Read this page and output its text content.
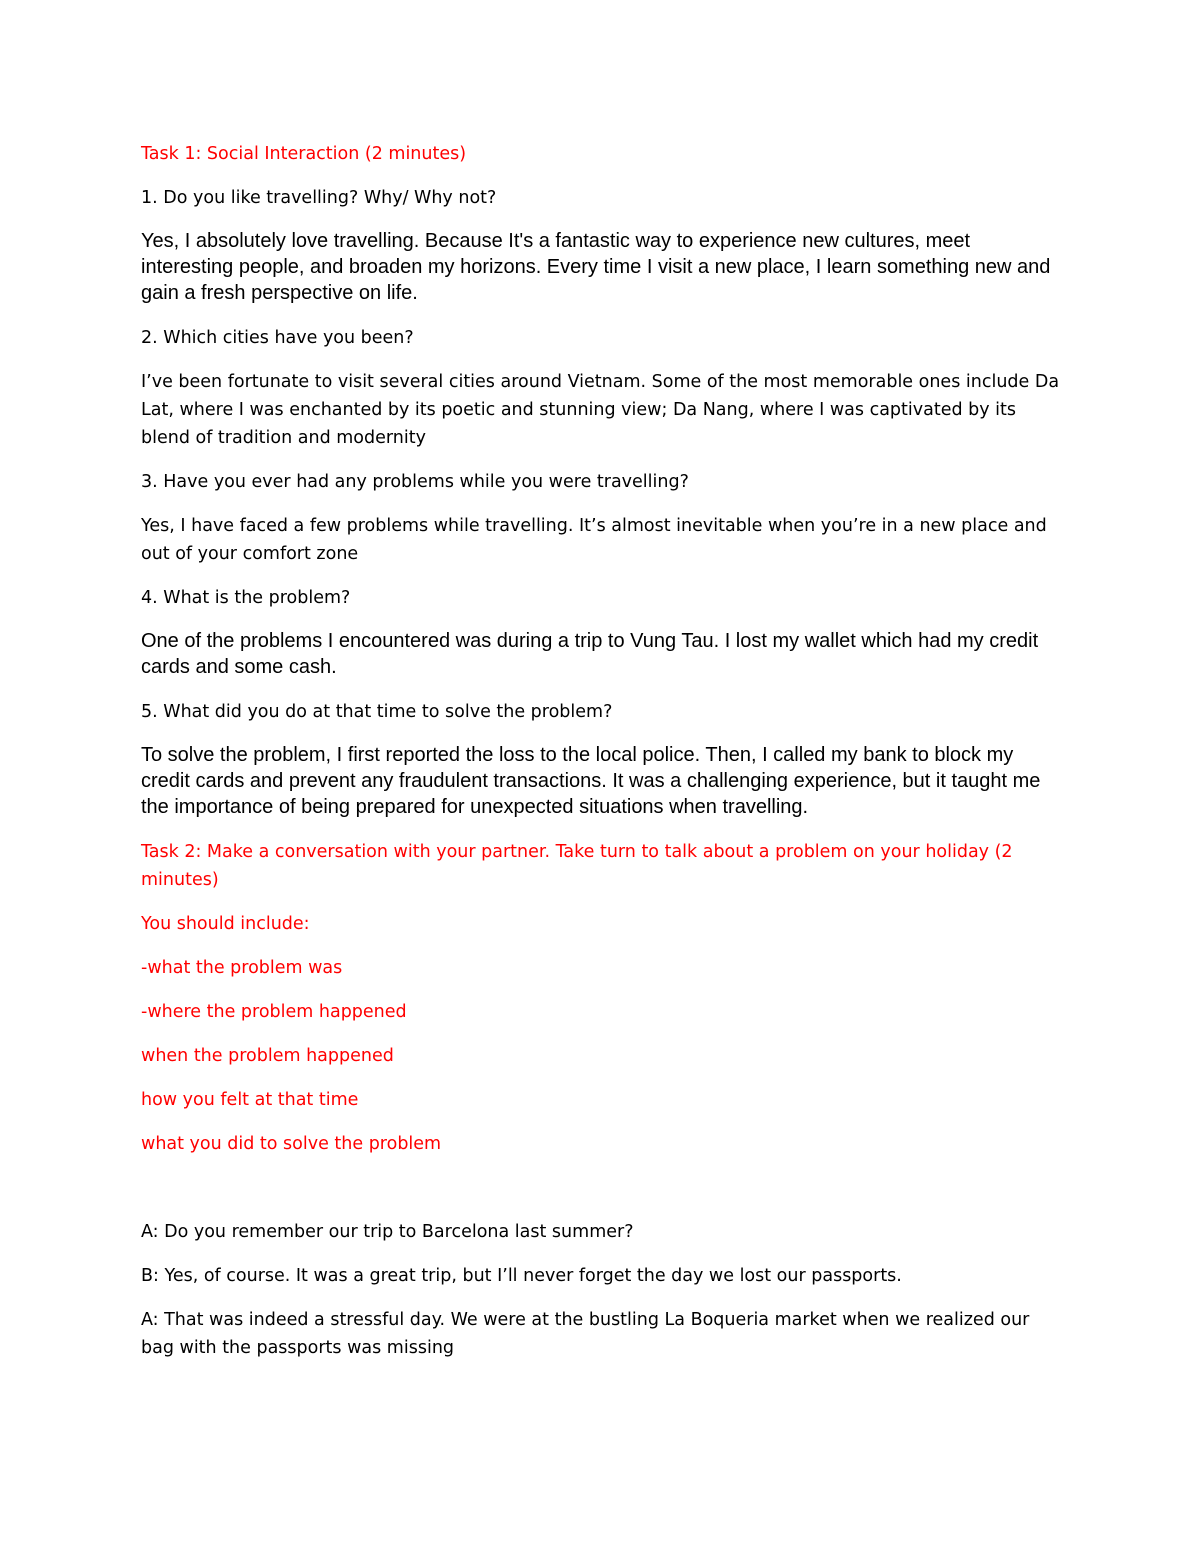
Task 1: Social Interaction (2 minutes)

1. Do you like travelling? Why/ Why not?

Yes, I absolutely love travelling. Because It's a fantastic way to experience new cultures, meet interesting people, and broaden my horizons. Every time I visit a new place, I learn something new and gain a fresh perspective on life.

2. Which cities have you been?

I’ve been fortunate to visit several cities around Vietnam. Some of the most memorable ones include Da Lat, where I was enchanted by its poetic and stunning view; Da Nang, where I was captivated by its blend of tradition and modernity

3. Have you ever had any problems while you were travelling?

Yes, I have faced a few problems while travelling. It’s almost inevitable when you’re in a new place and out of your comfort zone

4. What is the problem?

One of the problems I encountered was during a trip to Vung Tau. I lost my wallet which had my credit cards and some cash.

5. What did you do at that time to solve the problem?

To solve the problem, I first reported the loss to the local police. Then, I called my bank to block my credit cards and prevent any fraudulent transactions. It was a challenging experience, but it taught me the importance of being prepared for unexpected situations when travelling.

Task 2: Make a conversation with your partner. Take turn to talk about a problem on your holiday (2 minutes)

You should include:

-what the problem was

-where the problem happened

when the problem happened

how you felt at that time

what you did to solve the problem

A: Do you remember our trip to Barcelona last summer?

B: Yes, of course. It was a great trip, but I’ll never forget the day we lost our passports.

A: That was indeed a stressful day. We were at the bustling La Boqueria market when we realized our bag with the passports was missing
